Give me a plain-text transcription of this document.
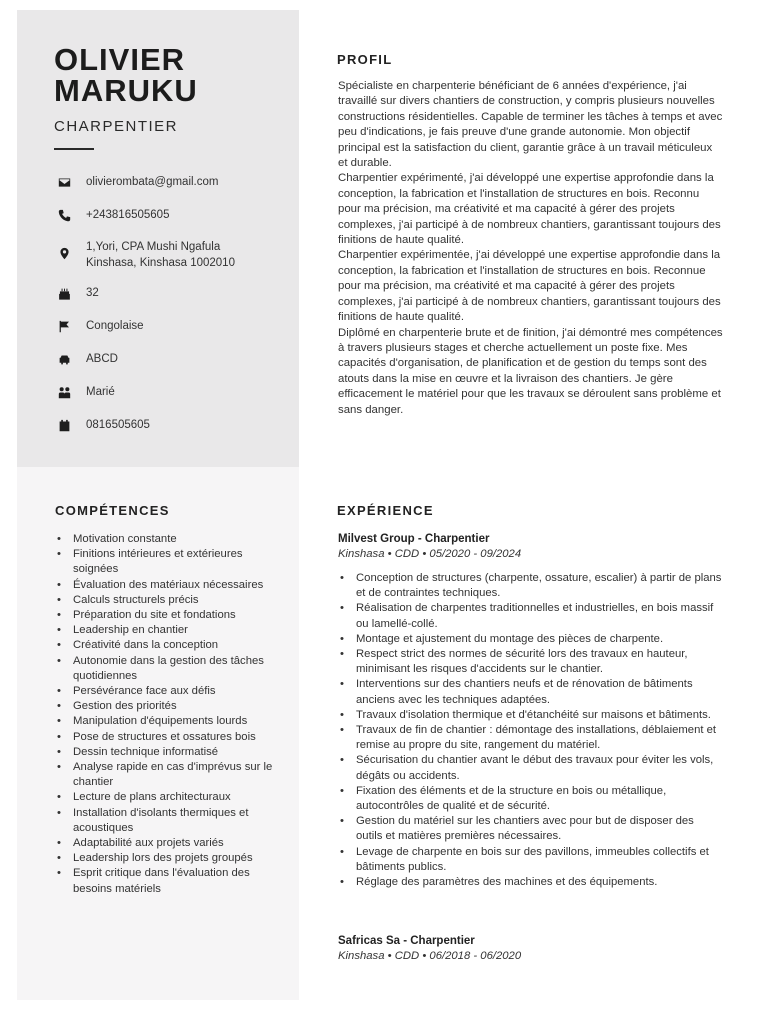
OLIVIER
MARUKU
CHARPENTIER
olivierombata@gmail.com
+243816505605
1,Yori, CPA Mushi Ngafula
Kinshasa, Kinshasa 1002010
32
Congolaise
ABCD
Marié
0816505605
PROFIL
Spécialiste en charpenterie bénéficiant de 6 années d'expérience, j'ai travaillé sur divers chantiers de construction, y compris plusieurs nouvelles constructions résidentielles. Capable de terminer les tâches à temps et avec peu d'indications, je fais preuve d'une grande autonomie. Mon objectif principal est la satisfaction du client, garantie grâce à un travail méticuleux et durable.
Charpentier expérimenté, j'ai développé une expertise approfondie dans la conception, la fabrication et l'installation de structures en bois. Reconnu pour ma précision, ma créativité et ma capacité à gérer des projets complexes, j'ai participé à de nombreux chantiers, garantissant toujours des finitions de haute qualité.
Charpentier expérimentée, j'ai développé une expertise approfondie dans la conception, la fabrication et l'installation de structures en bois. Reconnue pour ma précision, ma créativité et ma capacité à gérer des projets complexes, j'ai participé à de nombreux chantiers, garantissant toujours des finitions de haute qualité.
Diplômé en charpenterie brute et de finition, j'ai démontré mes compétences à travers plusieurs stages et cherche actuellement un poste fixe. Mes capacités d'organisation, de planification et de gestion du temps sont des atouts dans la mise en œuvre et la livraison des chantiers. Je gère efficacement le matériel pour que les travaux se déroulent sans problème et sans danger.
COMPÉTENCES
• Motivation constante
• Finitions intérieures et extérieures soignées
• Évaluation des matériaux nécessaires
• Calculs structurels précis
• Préparation du site et fondations
• Leadership en chantier
• Créativité dans la conception
• Autonomie dans la gestion des tâches quotidiennes
• Persévérance face aux défis
• Gestion des priorités
• Manipulation d'équipements lourds
• Pose de structures et ossatures bois
• Dessin technique informatisé
• Analyse rapide en cas d'imprévus sur le chantier
• Lecture de plans architecturaux
• Installation d'isolants thermiques et acoustiques
• Adaptabilité aux projets variés
• Leadership lors des projets groupés
• Esprit critique dans l'évaluation des besoins matériels
EXPÉRIENCE
Milvest Group - Charpentier
Kinshasa • CDD • 05/2020 - 09/2024
• Conception de structures (charpente, ossature, escalier) à partir de plans et de contraintes techniques.
• Réalisation de charpentes traditionnelles et industrielles, en bois massif ou lamellé-collé.
• Montage et ajustement du montage des pièces de charpente.
• Respect strict des normes de sécurité lors des travaux en hauteur, minimisant les risques d'accidents sur le chantier.
• Interventions sur des chantiers neufs et de rénovation de bâtiments anciens avec les techniques adaptées.
• Travaux d'isolation thermique et d'étanchéité sur maisons et bâtiments.
• Travaux de fin de chantier : démontage des installations, déblaiement et remise au propre du site, rangement du matériel.
• Sécurisation du chantier avant le début des travaux pour éviter les vols, dégâts ou accidents.
• Fixation des éléments et de la structure en bois ou métallique, autocontrôles de qualité et de sécurité.
• Gestion du matériel sur les chantiers avec pour but de disposer des outils et matières premières nécessaires.
• Levage de charpente en bois sur des pavillons, immeubles collectifs et bâtiments publics.
• Réglage des paramètres des machines et des équipements.
Safricas Sa - Charpentier
Kinshasa • CDD • 06/2018 - 06/2020
